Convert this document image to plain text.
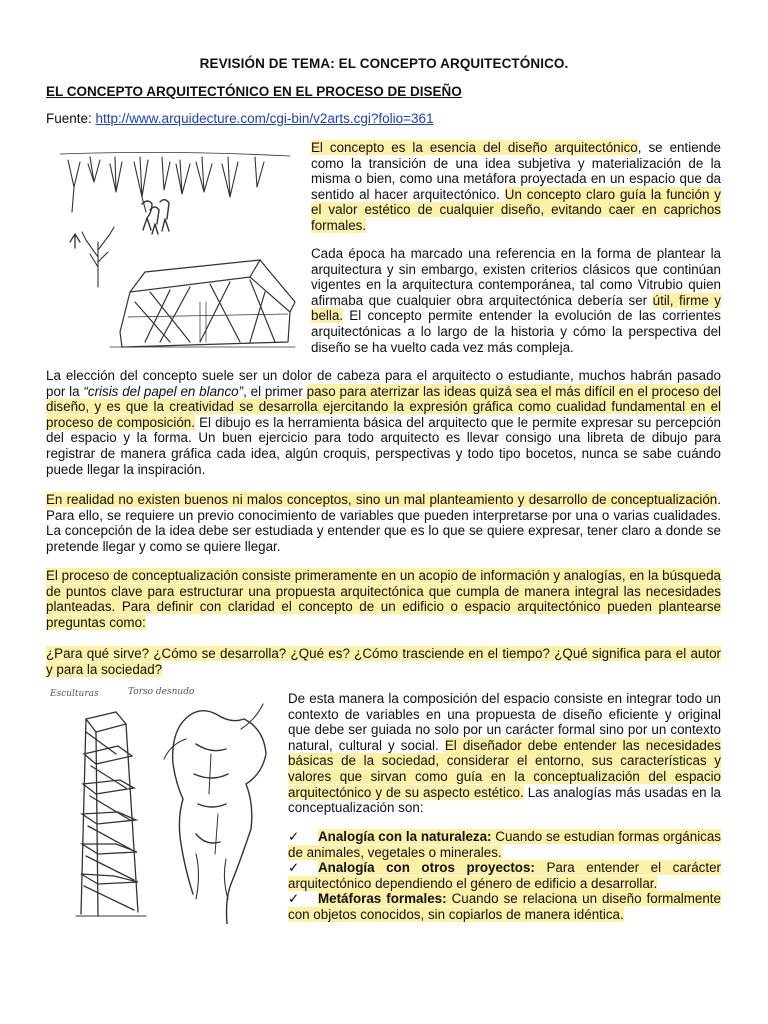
REVISIÓN DE TEMA: EL CONCEPTO ARQUITECTÓNICO.
EL CONCEPTO ARQUITECTÓNICO EN EL PROCESO DE DISEÑO
Fuente: http://www.arquidecture.com/cgi-bin/v2arts.cgi?folio=361
El concepto es la esencia del diseño arquitectónico, se entiende como la transición de una idea subjetiva y materialización de la misma o bien, como una metáfora proyectada en un espacio que da sentido al hacer arquitectónico. Un concepto claro guía la función y el valor estético de cualquier diseño, evitando caer en caprichos formales.
Cada época ha marcado una referencia en la forma de plantear la arquitectura y sin embargo, existen criterios clásicos que continúan vigentes en la arquitectura contemporánea, tal como Vitrubio quien afirmaba que cualquier obra arquitectónica debería ser útil, firme y bella. El concepto permite entender la evolución de las corrientes arquitectónicas a lo largo de la historia y cómo la perspectiva del diseño se ha vuelto cada vez más compleja.
La elección del concepto suele ser un dolor de cabeza para el arquitecto o estudiante, muchos habrán pasado por la “crisis del papel en blanco”, el primer paso para aterrizar las ideas quizá sea el más difícil en el proceso del diseño, y es que la creatividad se desarrolla ejercitando la expresión gráfica como cualidad fundamental en el proceso de composición. El dibujo es la herramienta básica del arquitecto que le permite expresar su percepción del espacio y la forma. Un buen ejercicio para todo arquitecto es llevar consigo una libreta de dibujo para registrar de manera gráfica cada idea, algún croquis, perspectivas y todo tipo bocetos, nunca se sabe cuándo puede llegar la inspiración.
En realidad no existen buenos ni malos conceptos, sino un mal planteamiento y desarrollo de conceptualización. Para ello, se requiere un previo conocimiento de variables que pueden interpretarse por una o varias cualidades. La concepción de la idea debe ser estudiada y entender que es lo que se quiere expresar, tener claro a donde se pretende llegar y como se quiere llegar.
El proceso de conceptualización consiste primeramente en un acopio de información y analogías, en la búsqueda de puntos clave para estructurar una propuesta arquitectónica que cumpla de manera integral las necesidades planteadas. Para definir con claridad el concepto de un edificio o espacio arquitectónico pueden plantearse preguntas como:
¿Para qué sirve? ¿Cómo se desarrolla? ¿Qué es? ¿Cómo trasciende en el tiempo? ¿Qué significa para el autor y para la sociedad?
Esculturas	Torso desnudo	De esta manera la composición del espacio consiste en integrar todo un contexto de variables en una propuesta de diseño eficiente y original que debe ser guiada no solo por un carácter formal sino por un contexto natural, cultural y social. El diseñador debe entender las necesidades básicas de la sociedad, considerar el entorno, sus características y valores que sirvan como guía en la conceptualización del espacio arquitectónico y de su aspecto estético. Las analogías más usadas en la conceptualización son:
✓ Analogía con la naturaleza: Cuando se estudian formas orgánicas de animales, vegetales o minerales.
✓ Analogía con otros proyectos: Para entender el carácter arquitectónico dependiendo el género de edificio a desarrollar.
✓ Metáforas formales: Cuando se relaciona un diseño formalmente con objetos conocidos, sin copiarlos de manera idéntica.
